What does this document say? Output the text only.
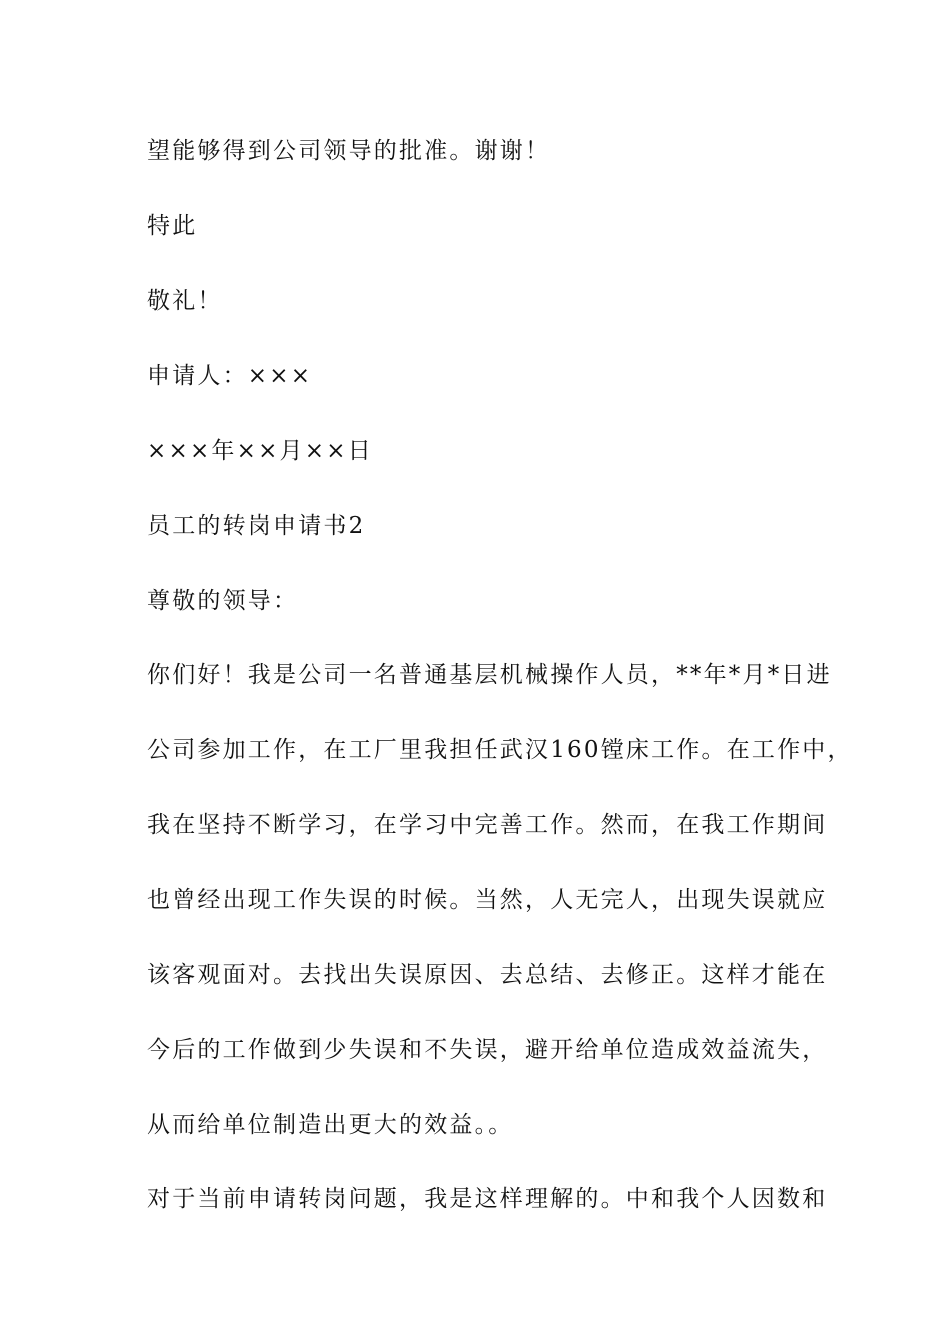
望能够得到公司领导的批准。谢谢！

特此

敬礼！

申请人：×××

×××年××月××日

员工的转岗申请书2

尊敬的领导：

你们好！我是公司一名普通基层机械操作人员，**年*月*日进

公司参加工作，在工厂里我担任武汉160镗床工作。在工作中，

我在坚持不断学习，在学习中完善工作。然而，在我工作期间

也曾经出现工作失误的时候。当然，人无完人，出现失误就应

该客观面对。去找出失误原因、去总结、去修正。这样才能在

今后的工作做到少失误和不失误，避开给单位造成效益流失，

从而给单位制造出更大的效益。。

对于当前申请转岗问题，我是这样理解的。中和我个人因数和
